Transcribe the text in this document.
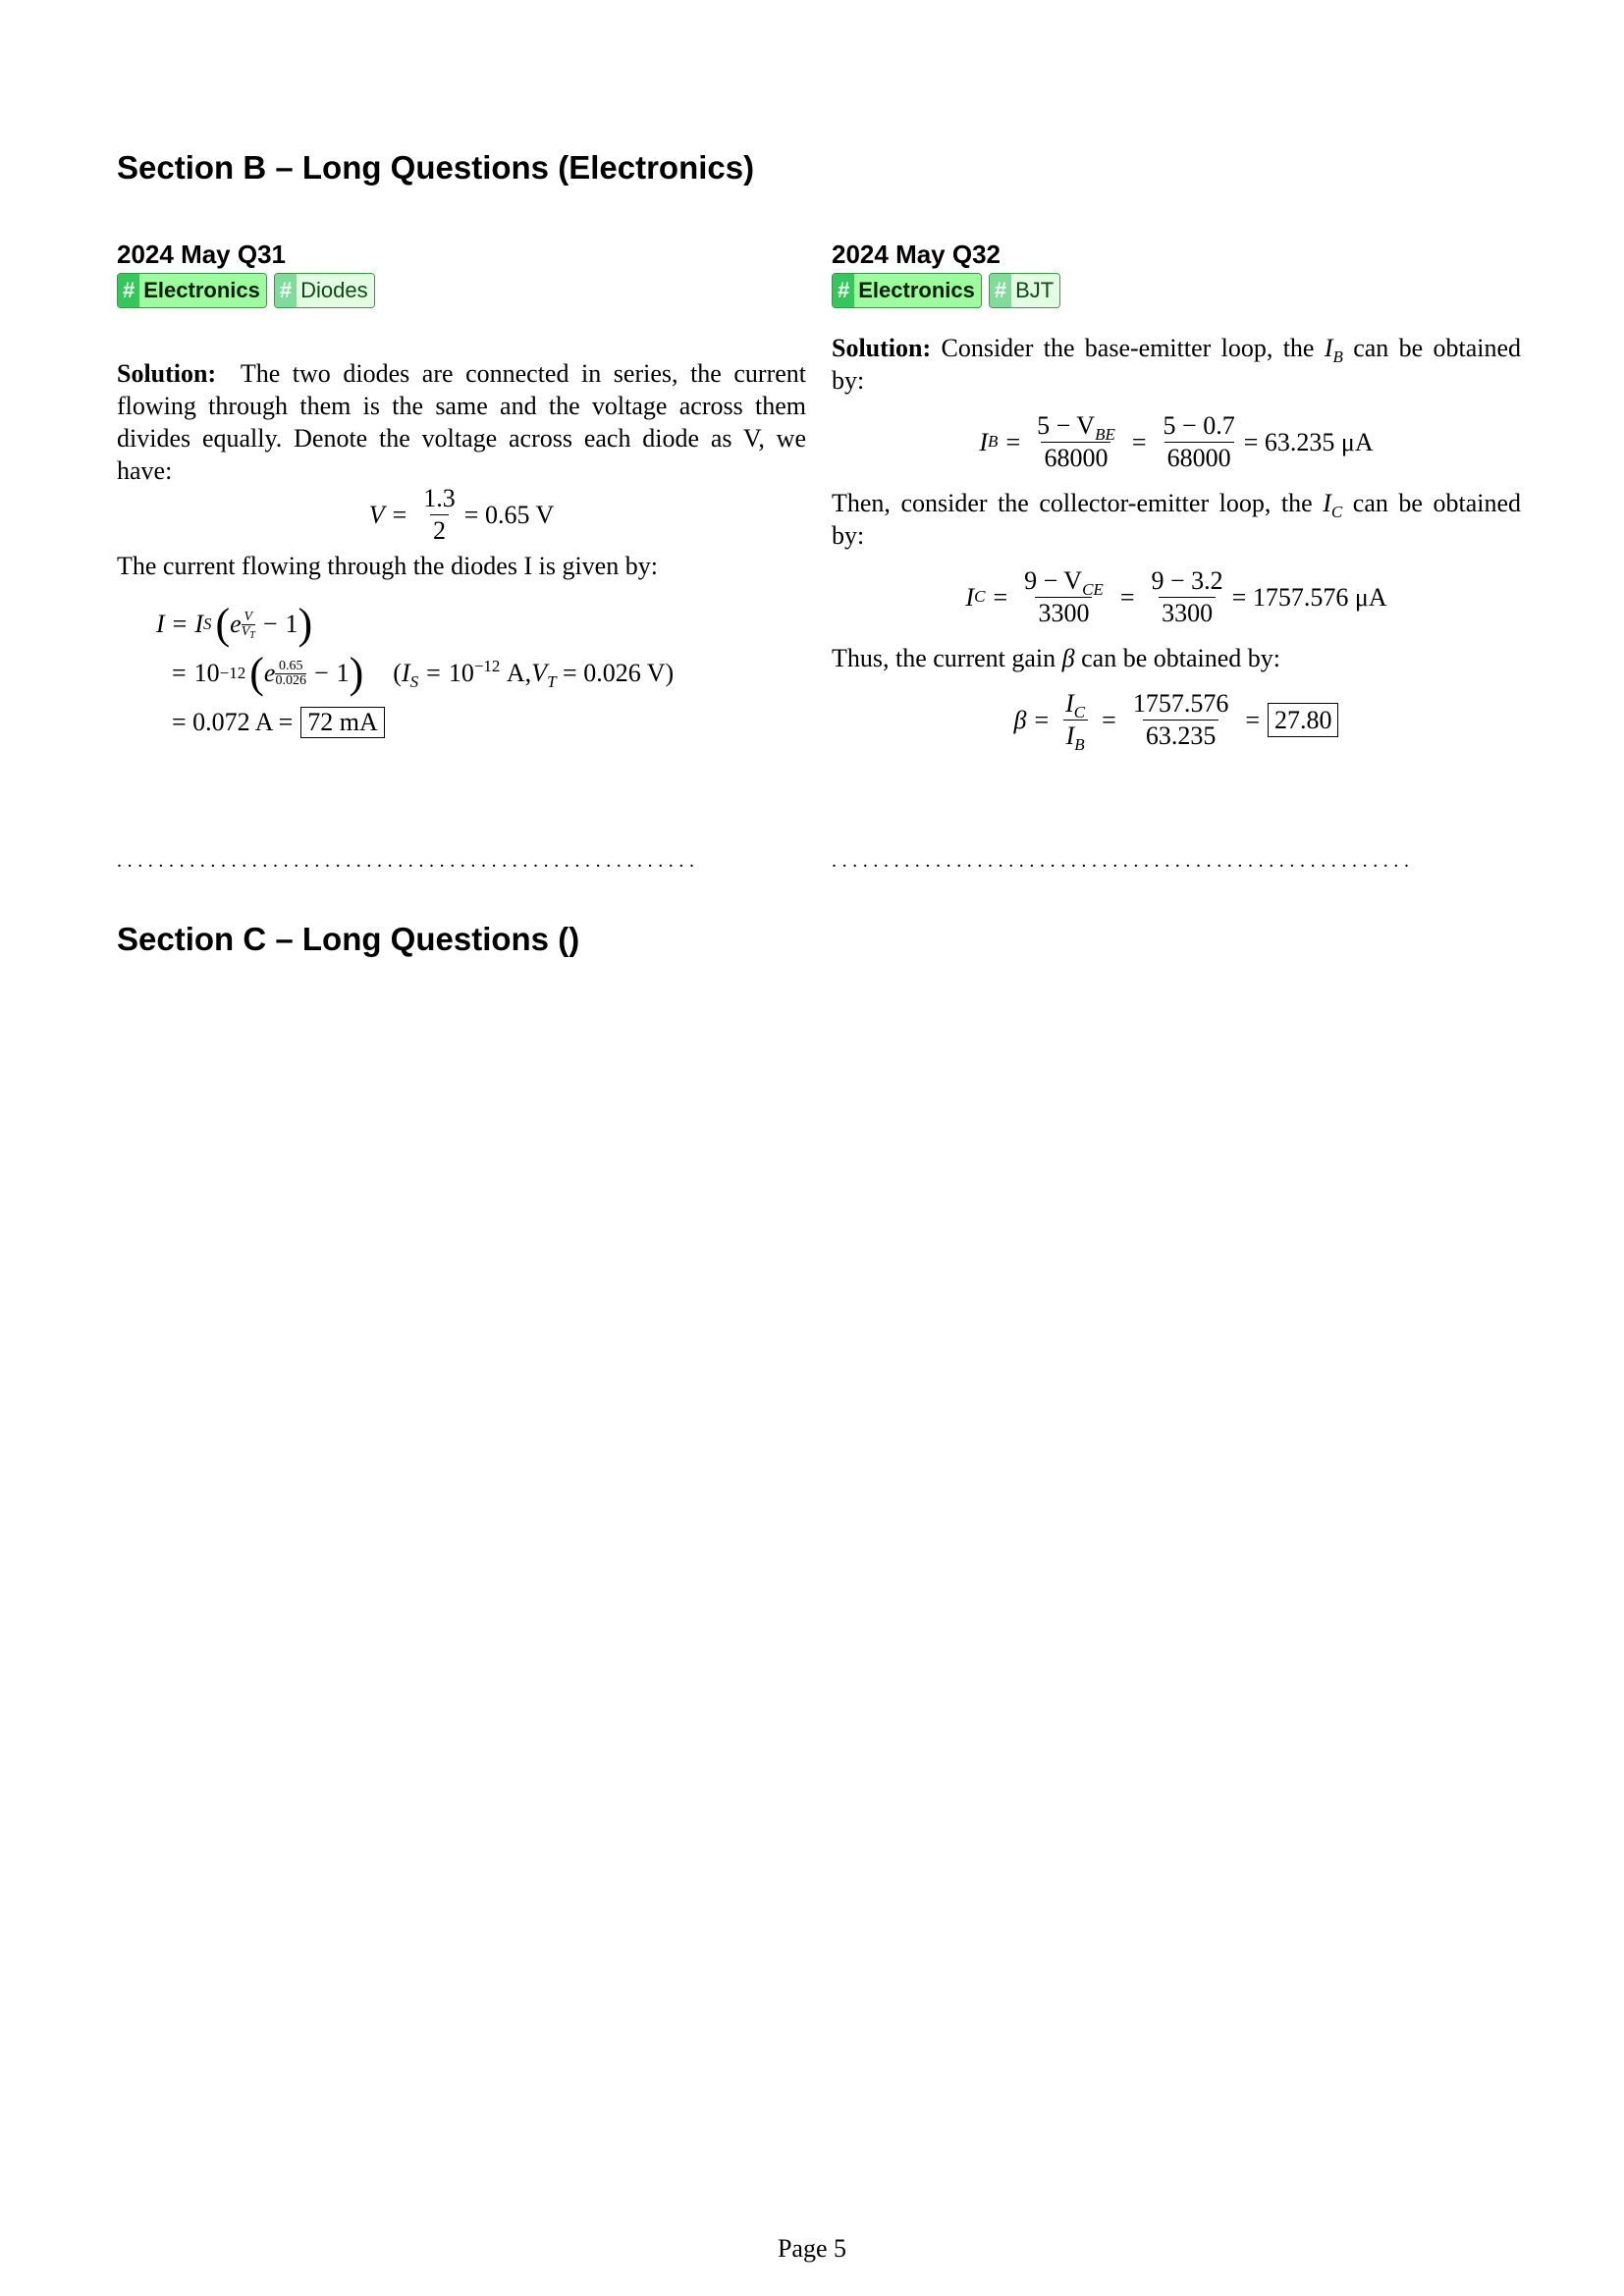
Section B – Long Questions (Electronics)
2024 May Q31
# Electronics # Diodes

Solution: The two diodes are connected in series, the current flowing through them is the same and the voltage across them divides equally. Denote the voltage across each diode as V, we have:

$V = \frac{1.3}{2} = 0.65$ V

The current flowing through the diodes I is given by:

I = I S ( e $\frac{V}{V_T} - 1$ )
= 10 −12 ( e $\frac{0.65}{0.026} - 1$ ) ($I_S = 10^{-12}$ $A,V_T = 0.026$ V)
= 0.072 A = 72 mA
2024 May Q32
# Electronics # BJT

Solution: Consider the base-emitter loop, the $I_B$ can be obtained by:

I $B = \frac{5 - V_{BE}}{68000} = \frac{5 - 0.7}{68000} = 63.235$ μA

Then, consider the collector-emitter loop, the $I_C$ can be obtained by:

I $C = \frac{9 - V_{CE}}{3300} = \frac{9 - 3.2}{3300} = 1757.576$ μA

Thus, the current gain β can be obtained by:

$\beta = \frac{I_C}{I_B} = \frac{1757.576}{63.235} = 27.80$
........................................................	........................................................
Section C – Long Questions ()
Page 5
